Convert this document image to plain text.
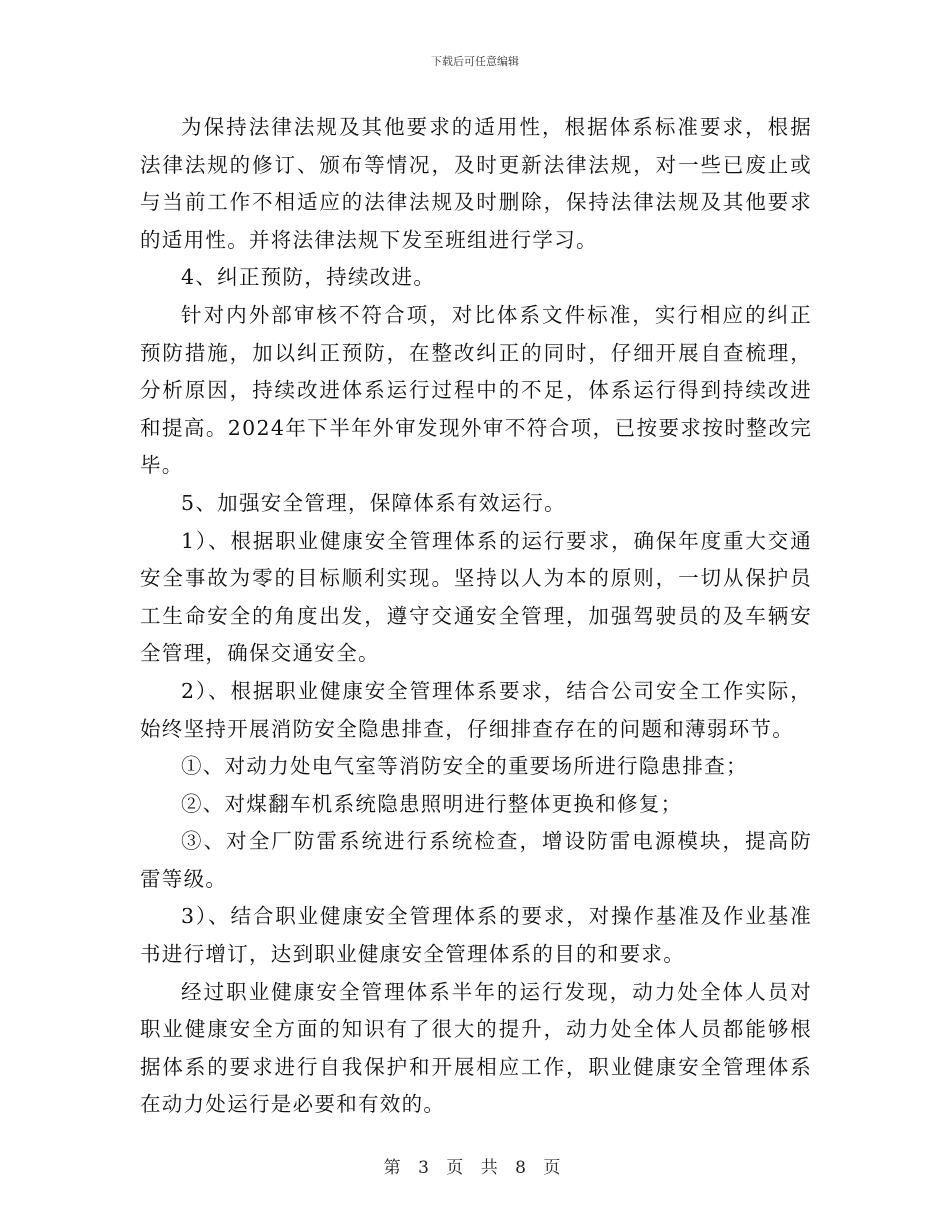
下载后可任意编辑

为保持法律法规及其他要求的适用性，根据体系标准要求，根据法律法规的修订、颁布等情况，及时更新法律法规，对一些已废止或与当前工作不相适应的法律法规及时删除，保持法律法规及其他要求的适用性。并将法律法规下发至班组进行学习。

4、纠正预防，持续改进。

针对内外部审核不符合项，对比体系文件标准，实行相应的纠正预防措施，加以纠正预防，在整改纠正的同时，仔细开展自查梳理，分析原因，持续改进体系运行过程中的不足，体系运行得到持续改进和提高。2024年下半年外审发现外审不符合项，已按要求按时整改完毕。

5、加强安全管理，保障体系有效运行。

1）、根据职业健康安全管理体系的运行要求，确保年度重大交通安全事故为零的目标顺利实现。坚持以人为本的原则，一切从保护员工生命安全的角度出发，遵守交通安全管理，加强驾驶员的及车辆安全管理，确保交通安全。

2）、根据职业健康安全管理体系要求，结合公司安全工作实际，始终坚持开展消防安全隐患排查，仔细排查存在的问题和薄弱环节。

①、对动力处电气室等消防安全的重要场所进行隐患排查；

②、对煤翻车机系统隐患照明进行整体更换和修复；

③、对全厂防雷系统进行系统检查，增设防雷电源模块，提高防雷等级。

3）、结合职业健康安全管理体系的要求，对操作基准及作业基准书进行增订，达到职业健康安全管理体系的目的和要求。

经过职业健康安全管理体系半年的运行发现，动力处全体人员对职业健康安全方面的知识有了很大的提升，动力处全体人员都能够根据体系的要求进行自我保护和开展相应工作，职业健康安全管理体系在动力处运行是必要和有效的。

第 3 页 共 8 页
